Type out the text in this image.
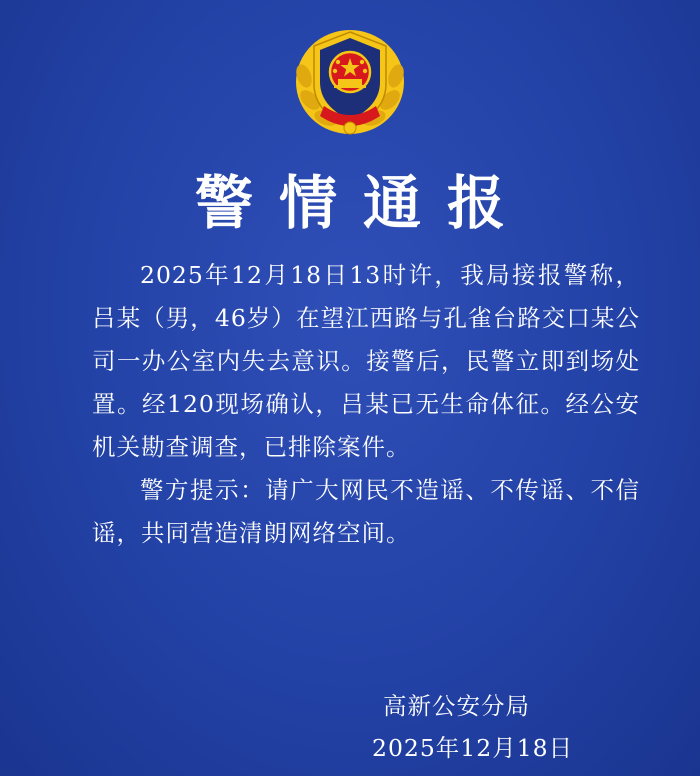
警情通报

2025年12月18日13时许，我局接报警称，吕某（男，46岁）在望江西路与孔雀台路交口某公司一办公室内失去意识。接警后，民警立即到场处置。经120现场确认，吕某已无生命体征。经公安机关勘查调查，已排除案件。

警方提示：请广大网民不造谣、不传谣、不信谣，共同营造清朗网络空间。

高新公安分局
2025年12月18日
